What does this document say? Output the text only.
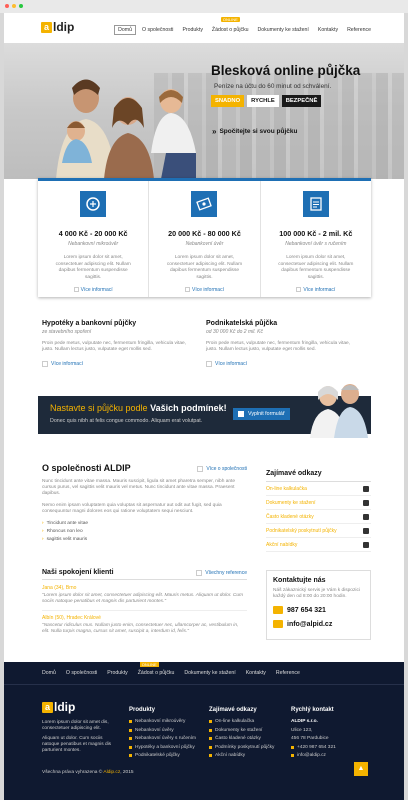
a ldip	Domů	O společnosti	Produkty
ONLINE
Žádost o půjčku	Dokumenty ke stažení	Kontakty	Reference
Blesková online půjčka
Peníze na účtu do 60 minut od schválení.
SNADNO	RYCHLE	BEZPEČNĚ
» Spočítejte si svou půjčku
4 000 Kč - 20 000 Kč
Nebankovní mikroúvěr
Lorem ipsum dolor sit amet, consectetuer adipiscing elit. Nullam dapibus fermentum suspendisse sagittis.
Více informací
20 000 Kč - 80 000 Kč
Nebankovní úvěr
Lorem ipsum dolor sit amet, consectetuer adipiscing elit. Nullam dapibus fermentum suspendisse sagittis.
Více informací
100 000 Kč - 2 mil. Kč
Nebankovní úvěr s ručením
Lorem ipsum dolor sit amet, consectetuer adipiscing elit. Nullam dapibus fermentum suspendisse sagittis.
Více informací
Hypotéky a bankovní půjčky
ze stavebního spoření
Proin pede metus, vulputate nec, fermentum fringilla, vehicula vitae, justo. Nullam lectus justo, vulputate eget mollis sed.
Více informací
Podnikatelská půjčka
od 30 000 Kč do 2 mil. Kč
Proin pede metus, vulputate nec, fermentum fringilla, vehicula vitae, justo. Nullam lectus justo, vulputate eget mollis sed.
Více informací
Nastavte si půjčku podle Vašich podmínek!
Donec quis nibh at felis congue commodo. Aliquam erat volutpat.
Vyplnit formulář
O společnosti ALDIP	Více o společnosti

Nunc tincidunt ante vitae massa. Mauris suscipit, ligula sit amet pharetra semper, nibh ante cursus purus, vel sagittis velit mauris vel metus. Nunc tincidunt ante vitae massa. Praesent dapibus.

Nemo enim ipsam voluptatem quia voluptas sit aspernatur aut odit aut fugit, sed quia consequuntur magni dolores eos qui ratione voluptatem sequi nesciunt.

› Tincidunt ante vitae
› Rhoncus non leo
› sagittis velit mauris
Naši spokojení klienti	Všechny reference
Jana (34), Brno
"Lorem ipsum dolor sit amet, consectetuer adipiscing elit. Mauris metus. Aliquam ut dolor. Cum sociis natoque penatibus et magnis dis parturient montes."
Albín (50), Hradec Králové
"Nascetur ridiculus mus. Nullam justo enim, consectetuer nec, ullamcorper ac, vestibulum in, elit. Nulla turpis magna, cursus sit amet, suscipit a, interdum id, felis."
Zajímavé odkazy
On-line kalkulačka
Dokumenty ke stažení
Často kladené otázky
Podnikatelský poskytnutí půjčky
Akční nabídky
Kontaktujte nás
Náš zákaznický servis je Vám k dispozici každý den od 8:00 do 20:00 hodin.
987 654 321
info@alpid.cz
Domů O společnosti Produkty
ONLINE
Žádost o půjčku Dokumenty ke stažení Kontakty Reference
a ldip
Lorem ipsum dolor sit amet dis, consectetuer adipiscing elit.
Aliquam ut dolor. Cum sociis natoque penatibus et magnis dis parturient montes.
Produkty
Nebankovní mikroúvěry
Nebankovní úvěry
Nebankovní úvěry s ručením
Hypotéky a bankovní půjčky
Podnikatelské půjčky
Zajímavé odkazy
On-line kalkulačka
Dokumenty ke stažení
Často kladené otázky
Podmínky poskytnutí půjčky
Akční nabídky
Rychlý kontakt
ALDIP s.r.o.
Ulice 123,
456 78 Pardubice
+420 987 654 321
info@aldip.cz
Všechna práva vyhrazena © Aldip.cz, 2015
▲
